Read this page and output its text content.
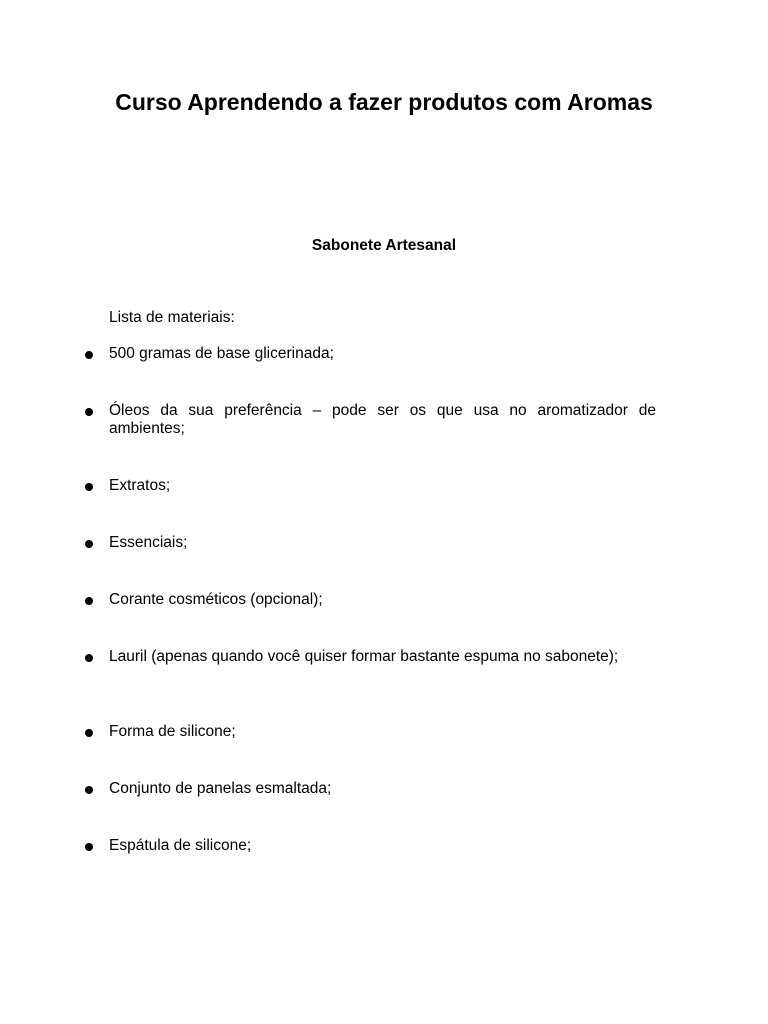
Curso Aprendendo a fazer produtos com Aromas
Sabonete Artesanal

Lista de materiais:

500 gramas de base glicerinada;

Óleos da sua preferência – pode ser os que usa no aromatizador de ambientes;

Extratos;

Essenciais;

Corante cosméticos (opcional);

Lauril (apenas quando você quiser formar bastante espuma no sabonete);

Forma de silicone;

Conjunto de panelas esmaltada;

Espátula de silicone;
